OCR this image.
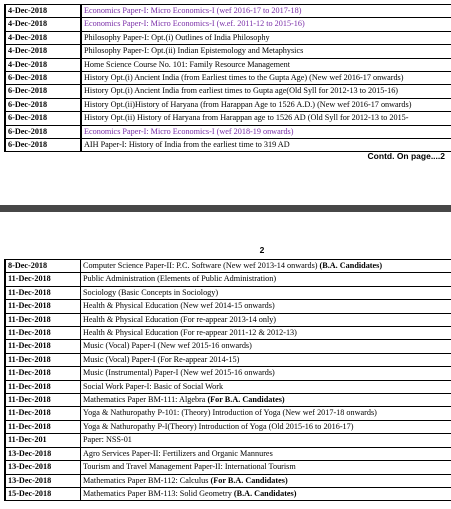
4-Dec-2018	Economics Paper-I: Micro Economics-I (wef 2016-17 to 2017-18)
4-Dec-2018	Economics Paper-I: Micro Economics-I (w.ef. 2011-12 to 2015-16)
4-Dec-2018	Philosophy Paper-I: Opt.(i) Outlines of India Philosophy
4-Dec-2018	Philosophy Paper-I: Opt.(ii) Indian Epistemology and Metaphysics
4-Dec-2018	Home Science Course No. 101: Family Resource Management
6-Dec-2018	History Opt.(i) Ancient India (from Earliest times to the Gupta Age) (New wef 2016-17 onwards)
6-Dec-2018	History Opt.(i) Ancient India from earliest times to Gupta age(Old Syll for 2012-13 to 2015-16)
6-Dec-2018	History Opt.(ii)History of Haryana (from Harappan Age to 1526 A.D.) (New wef 2016-17 onwards)
6-Dec-2018	History Opt.(ii) History of Haryana from Harappan age to 1526 AD (Old Syll for 2012-13 to 2015-
6-Dec-2018	Economics Paper-I: Micro Economics-I (wef 2018-19 onwards)
6-Dec-2018	AIH Paper-I: History of India from the earliest time to 319 AD
Contd. On page....2
2
8-Dec-2018	Computer Science Paper-II: P.C. Software (New wef 2013-14 onwards) (B.A. Candidates)
11-Dec-2018	Public Administration (Elements of Public Administration)
11-Dec-2018	Sociology (Basic Concepts in Sociology)
11-Dec-2018	Health & Physical Education (New wef 2014-15 onwards)
11-Dec-2018	Health & Physical Education (For re-appear 2013-14 only)
11-Dec-2018	Health & Physical Education (For re-appear 2011-12 & 2012-13)
11-Dec-2018	Music (Vocal) Paper-I (New wef 2015-16 onwards)
11-Dec-2018	Music (Vocal) Paper-I (For Re-appear 2014-15)
11-Dec-2018	Music (Instrumental) Paper-I (New wef 2015-16 onwards)
11-Dec-2018	Social Work Paper-I: Basic of Social Work
11-Dec-2018	Mathematics Paper BM-111: Algebra (For B.A. Candidates)
11-Dec-2018	Yoga & Nathuropathy P-101: (Theory) Introduction of Yoga (New wef 2017-18 onwards)
11-Dec-2018	Yoga & Nathuropathy P-I(Theory) Introduction of Yoga (Old 2015-16 to 2016-17)
11-Dec-201	Paper: NSS-01
13-Dec-2018	Agro Services Paper-II: Fertilizers and Organic Mannures
13-Dec-2018	Tourism and Travel Management Paper-II: International Tourism
13-Dec-2018	Mathematics Paper BM-112: Calculus (For B.A. Candidates)
15-Dec-2018	Mathematics Paper BM-113: Solid Geometry (B.A. Candidates)
